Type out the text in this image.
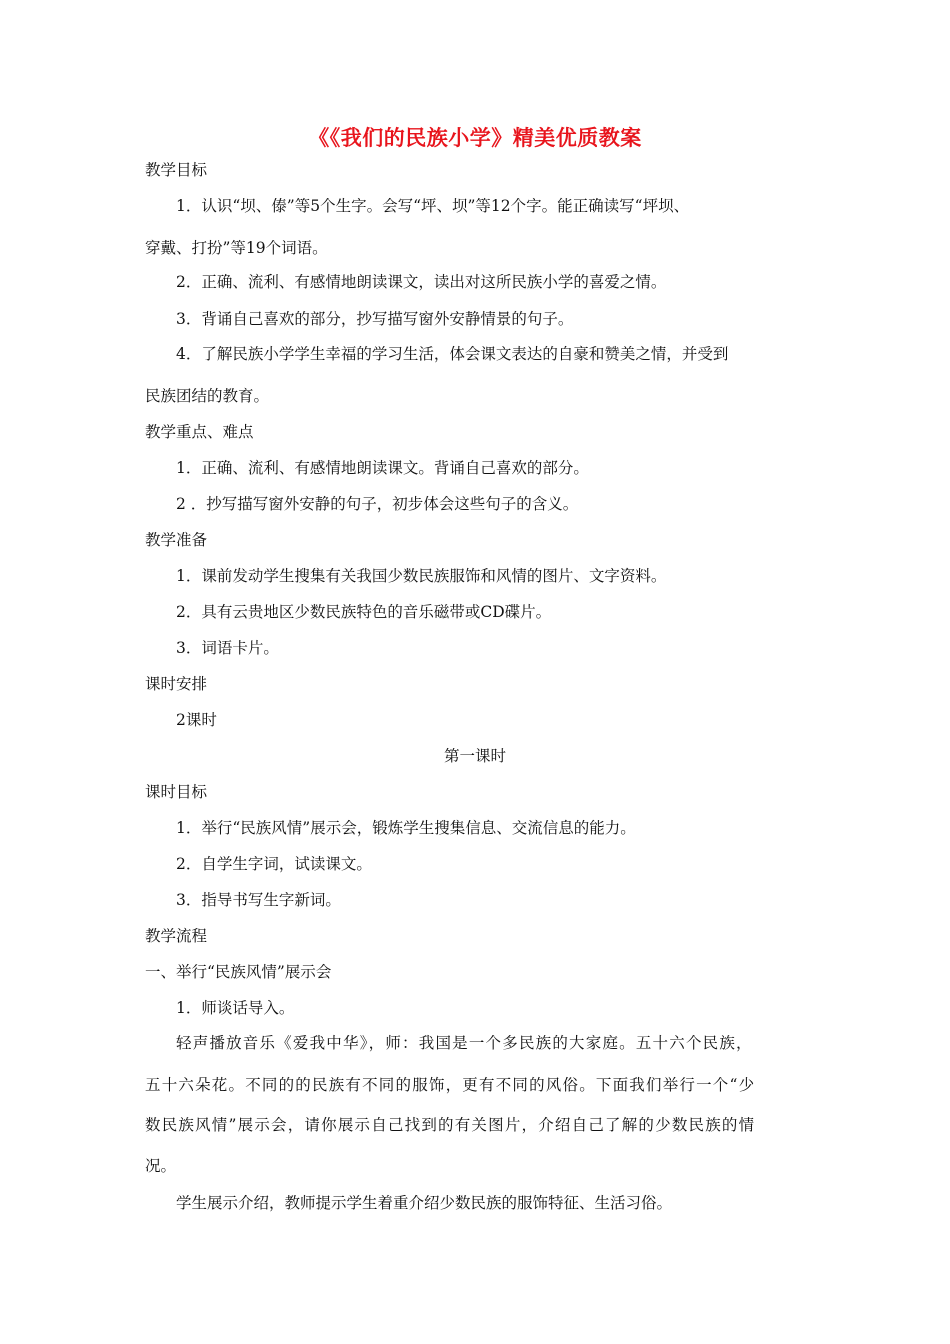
《《我们的民族小学》精美优质教案
教学目标
1．认识“坝、傣”等5个生字。会写“坪、坝”等12个字。能正确读写“坪坝、
穿戴、打扮”等19个词语。
2．正确、流利、有感情地朗读课文，读出对这所民族小学的喜爱之情。
3．背诵自己喜欢的部分，抄写描写窗外安静情景的句子。
4．了解民族小学学生幸福的学习生活，体会课文表达的自豪和赞美之情，并受到
民族团结的教育。
教学重点、难点
1．正确、流利、有感情地朗读课文。背诵自己喜欢的部分。
2 ．抄写描写窗外安静的句子，初步体会这些句子的含义。
教学准备
1．课前发动学生搜集有关我国少数民族服饰和风情的图片、文字资料。
2．具有云贵地区少数民族特色的音乐磁带或CD碟片。
3．词语卡片。
课时安排
2课时
第一课时
课时目标
1．举行“民族风情”展示会，锻炼学生搜集信息、交流信息的能力。
2．自学生字词，试读课文。
3．指导书写生字新词。
教学流程
一、举行“民族风情”展示会
1．师谈话导入。
轻声播放音乐《爱我中华》，师：我国是一个多民族的大家庭。五十六个民族，
五十六朵花。不同的的民族有不同的服饰，更有不同的风俗。下面我们举行一个“少
数民族风情”展示会，请你展示自己找到的有关图片，介绍自己了解的少数民族的情
况。
学生展示介绍，教师提示学生着重介绍少数民族的服饰特征、生活习俗。
